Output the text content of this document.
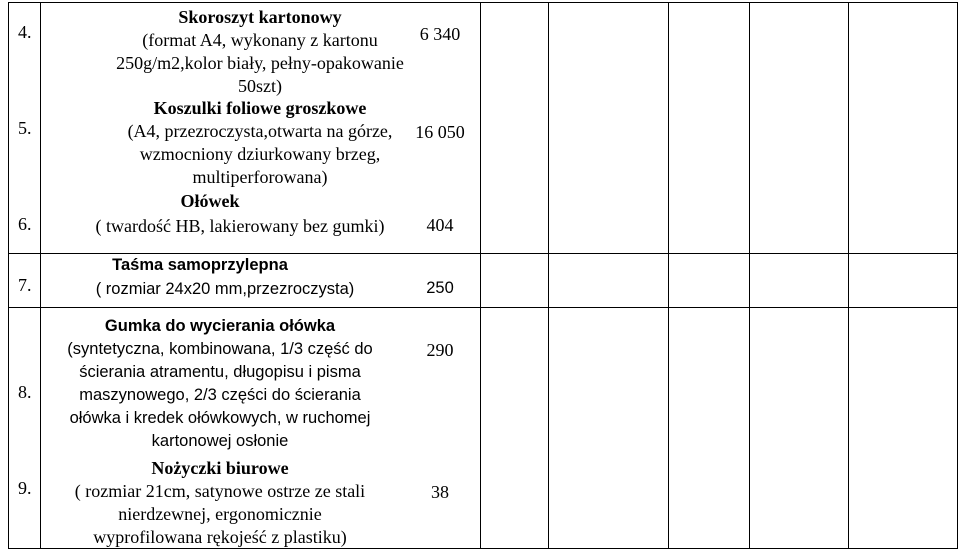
4.
Skoroszyt kartonowy
(format A4, wykonany z kartonu
250g/m2,kolor biały, pełny-opakowanie
50szt)
6 340
5.
Koszulki foliowe groszkowe
(A4, przezroczysta,otwarta na górze,
wzmocniony dziurkowany brzeg,
multiperforowana)
16 050
6.
Ołówek
( twardość HB, lakierowany bez gumki)	404
7.
Taśma samoprzylepna
( rozmiar 24x20 mm,przezroczysta)	250
8.
Gumka do wycierania ołówka
(syntetyczna, kombinowana, 1/3 część do
ścierania atramentu, długopisu i pisma
maszynowego, 2/3 części do ścierania
ołówka i kredek ołówkowych, w ruchomej
kartonowej osłonie
290
9.
Nożyczki biurowe
( rozmiar 21cm, satynowe ostrze ze stali
nierdzewnej, ergonomicznie
wyprofilowana rękojeść z plastiku)
38
